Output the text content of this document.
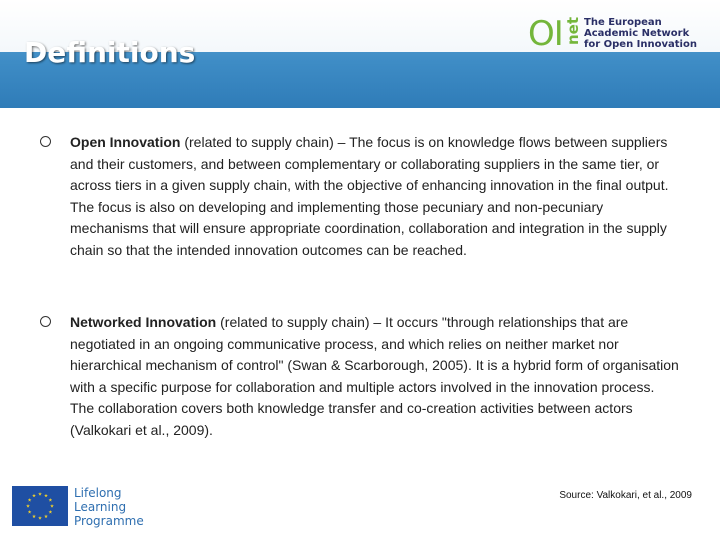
Definitions	OI net The European
Academic Network
for Open Innovation
Open Innovation (related to supply chain) – The focus is on knowledge flows between suppliers and their customers, and between complementary or collaborating suppliers in the same tier, or across tiers in a given supply chain, with the objective of enhancing innovation in the final output. The focus is also on developing and implementing those pecuniary and non-pecuniary mechanisms that will ensure appropriate coordination, collaboration and integration in the supply chain so that the intended innovation outcomes can be reached.
Networked Innovation (related to supply chain) – It occurs "through relationships that are negotiated in an ongoing communicative process, and which relies on neither market nor hierarchical mechanism of control" (Swan & Scarborough, 2005). It is a hybrid form of organisation with a specific purpose for collaboration and multiple actors involved in the innovation process. The collaboration covers both knowledge transfer and co-creation activities between actors (Valkokari et al., 2009).
Lifelong
Learning
Programme
Source: Valkokari, et al., 2009
